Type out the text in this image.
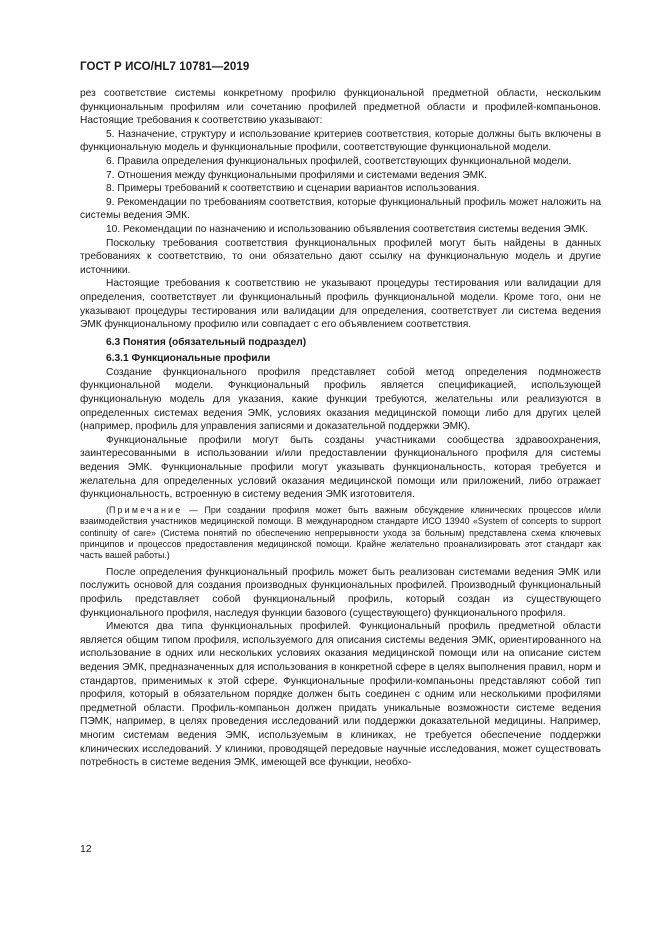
ГОСТ Р ИСО/HL7 10781—2019

рез соответствие системы конкретному профилю функциональной предметной области, нескольким функциональным профилям или сочетанию профилей предметной области и профилей-компаньонов. Настоящие требования к соответствию указывают:

5. Назначение, структуру и использование критериев соответствия, которые должны быть включены в функциональную модель и функциональные профили, соответствующие функциональной модели.

6. Правила определения функциональных профилей, соответствующих функциональной модели.

7. Отношения между функциональными профилями и системами ведения ЭМК.

8. Примеры требований к соответствию и сценарии вариантов использования.

9. Рекомендации по требованиям соответствия, которые функциональный профиль может наложить на системы ведения ЭМК.

10. Рекомендации по назначению и использованию объявления соответствия системы ведения ЭМК.

Поскольку требования соответствия функциональных профилей могут быть найдены в данных требованиях к соответствию, то они обязательно дают ссылку на функциональную модель и другие источники.

Настоящие требования к соответствию не указывают процедуры тестирования или валидации для определения, соответствует ли функциональный профиль функциональной модели. Кроме того, они не указывают процедуры тестирования или валидации для определения, соответствует ли система ведения ЭМК функциональному профилю или совпадает с его объявлением соответствия.

6.3 Понятия (обязательный подраздел)
6.3.1 Функциональные профили

Создание функционального профиля представляет собой метод определения подмножеств функциональной модели. Функциональный профиль является спецификацией, использующей функциональную модель для указания, какие функции требуются, желательны или реализуются в определенных системах ведения ЭМК, условиях оказания медицинской помощи либо для других целей (например, профиль для управления записями и доказательной поддержки ЭМК).

Функциональные профили могут быть созданы участниками сообщества здравоохранения, заинтересованными в использовании и/или предоставлении функционального профиля для системы ведения ЭМК. Функциональные профили могут указывать функциональность, которая требуется и желательна для определенных условий оказания медицинской помощи или приложений, либо отражает функциональность, встроенную в систему ведения ЭМК изготовителя.

(Примечание — При создании профиля может быть важным обсуждение клинических процессов и/или взаимодействия участников медицинской помощи. В международном стандарте ИСО 13940 «System of concepts to support continuity of care» (Система понятий по обеспечению непрерывности ухода за больным) представлена схема ключевых принципов и процессов предоставления медицинской помощи. Крайне желательно проанализировать этот стандарт как часть вашей работы.)

После определения функциональный профиль может быть реализован системами ведения ЭМК или послужить основой для создания производных функциональных профилей. Производный функциональный профиль представляет собой функциональный профиль, который создан из существующего функционального профиля, наследуя функции базового (существующего) функционального профиля.

Имеются два типа функциональных профилей. Функциональный профиль предметной области является общим типом профиля, используемого для описания системы ведения ЭМК, ориентированного на использование в одних или нескольких условиях оказания медицинской помощи или на описание систем ведения ЭМК, предназначенных для использования в конкретной сфере в целях выполнения правил, норм и стандартов, применимых к этой сфере. Функциональные профили-компаньоны представляют собой тип профиля, который в обязательном порядке должен быть соединен с одним или несколькими профилями предметной области. Профиль-компаньон должен придать уникальные возможности системе ведения ПЭМК, например, в целях проведения исследований или поддержки доказательной медицины. Например, многим системам ведения ЭМК, используемым в клиниках, не требуется обеспечение поддержки клинических исследований. У клиники, проводящей передовые научные исследования, может существовать потребность в системе ведения ЭМК, имеющей все функции, необхо-

12
